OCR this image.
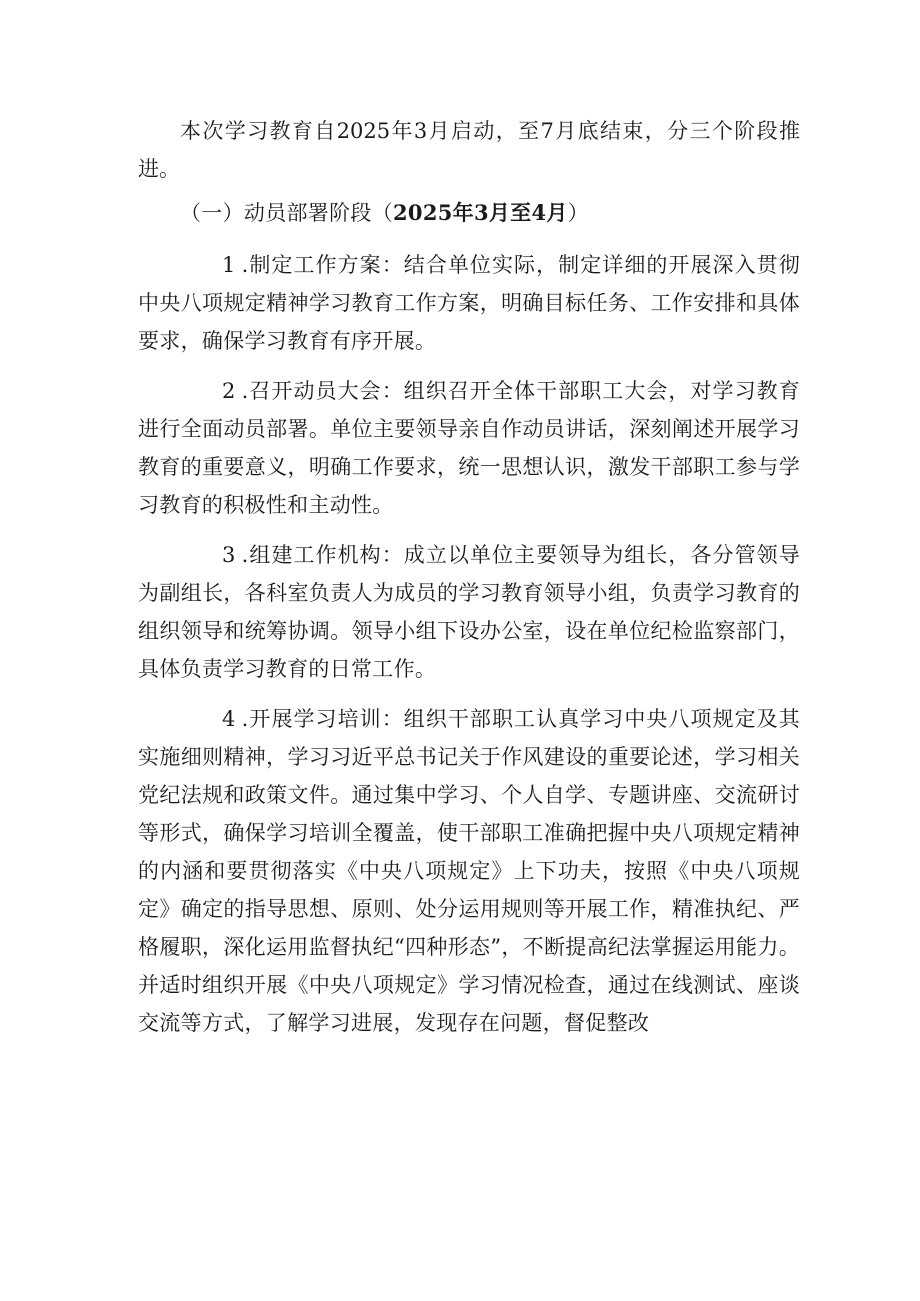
本次学习教育自2025年3月启动，至7月底结束，分三个阶段推进。

（一）动员部署阶段（2025年3月至4月）

1 .制定工作方案：结合单位实际，制定详细的开展深入贯彻中央八项规定精神学习教育工作方案，明确目标任务、工作安排和具体要求，确保学习教育有序开展。

2 .召开动员大会：组织召开全体干部职工大会，对学习教育进行全面动员部署。单位主要领导亲自作动员讲话，深刻阐述开展学习教育的重要意义，明确工作要求，统一思想认识，激发干部职工参与学习教育的积极性和主动性。

3 .组建工作机构：成立以单位主要领导为组长，各分管领导为副组长，各科室负责人为成员的学习教育领导小组，负责学习教育的组织领导和统筹协调。领导小组下设办公室，设在单位纪检监察部门，具体负责学习教育的日常工作。

4 .开展学习培训：组织干部职工认真学习中央八项规定及其实施细则精神，学习习近平总书记关于作风建设的重要论述，学习相关党纪法规和政策文件。通过集中学习、个人自学、专题讲座、交流研讨等形式，确保学习培训全覆盖，使干部职工准确把握中央八项规定精神的内涵和要贯彻落实《中央八项规定》上下功夫，按照《中央八项规定》确定的指导思想、原则、处分运用规则等开展工作，精准执纪、严格履职，深化运用监督执纪“四种形态”，不断提高纪法掌握运用能力。并适时组织开展《中央八项规定》学习情况检查，通过在线测试、座谈交流等方式，了解学习进展，发现存在问题，督促整改
